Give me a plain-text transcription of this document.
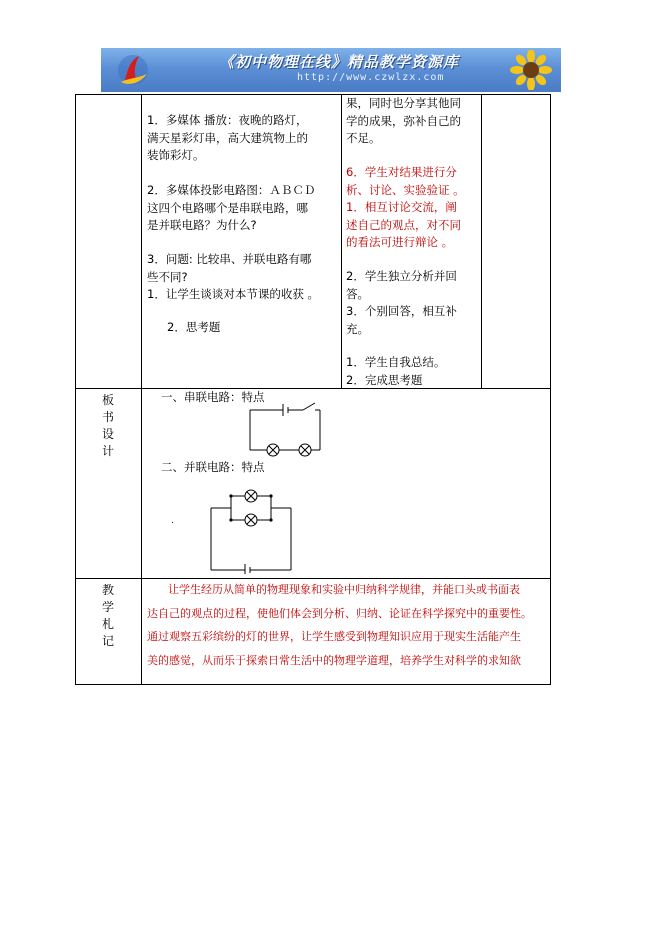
《初中物理在线》精品教学资源库
http://www.czwlzx.com
1．多媒体 播放：夜晚的路灯，
满天星彩灯串，高大建筑物上的
装饰彩灯。
2．多媒体投影电路图：ＡＢＣＤ
这四个电路哪个是串联电路，哪
是并联电路？为什么?
3．问题: 比较串、并联电路有哪
些不同?
1．让学生谈谈对本节课的收获 。
2．思考题
果，同时也分享其他同
学的成果，弥补自己的
不足。
6．学生对结果进行分
析、讨论、实验验证 。
1．相互讨论交流，阐
述自己的观点，对不同
的看法可进行辩论 。
2．学生独立分析并回
答。
3．个别回答，相互补
充。
1．学生自我总结。
2．完成思考题
板
书
设
计
一、串联电路：特点
二、并联电路：特点
.
教
学
札
记
让学生经历从简单的物理现象和实验中归纳科学规律，并能口头或书面表
达自己的观点的过程，使他们体会到分析、归纳、论证在科学探究中的重要性。
通过观察五彩缤纷的灯的世界，让学生感受到物理知识应用于现实生活能产生
美的感觉，从而乐于探索日常生活中的物理学道理，培养学生对科学的求知欲
